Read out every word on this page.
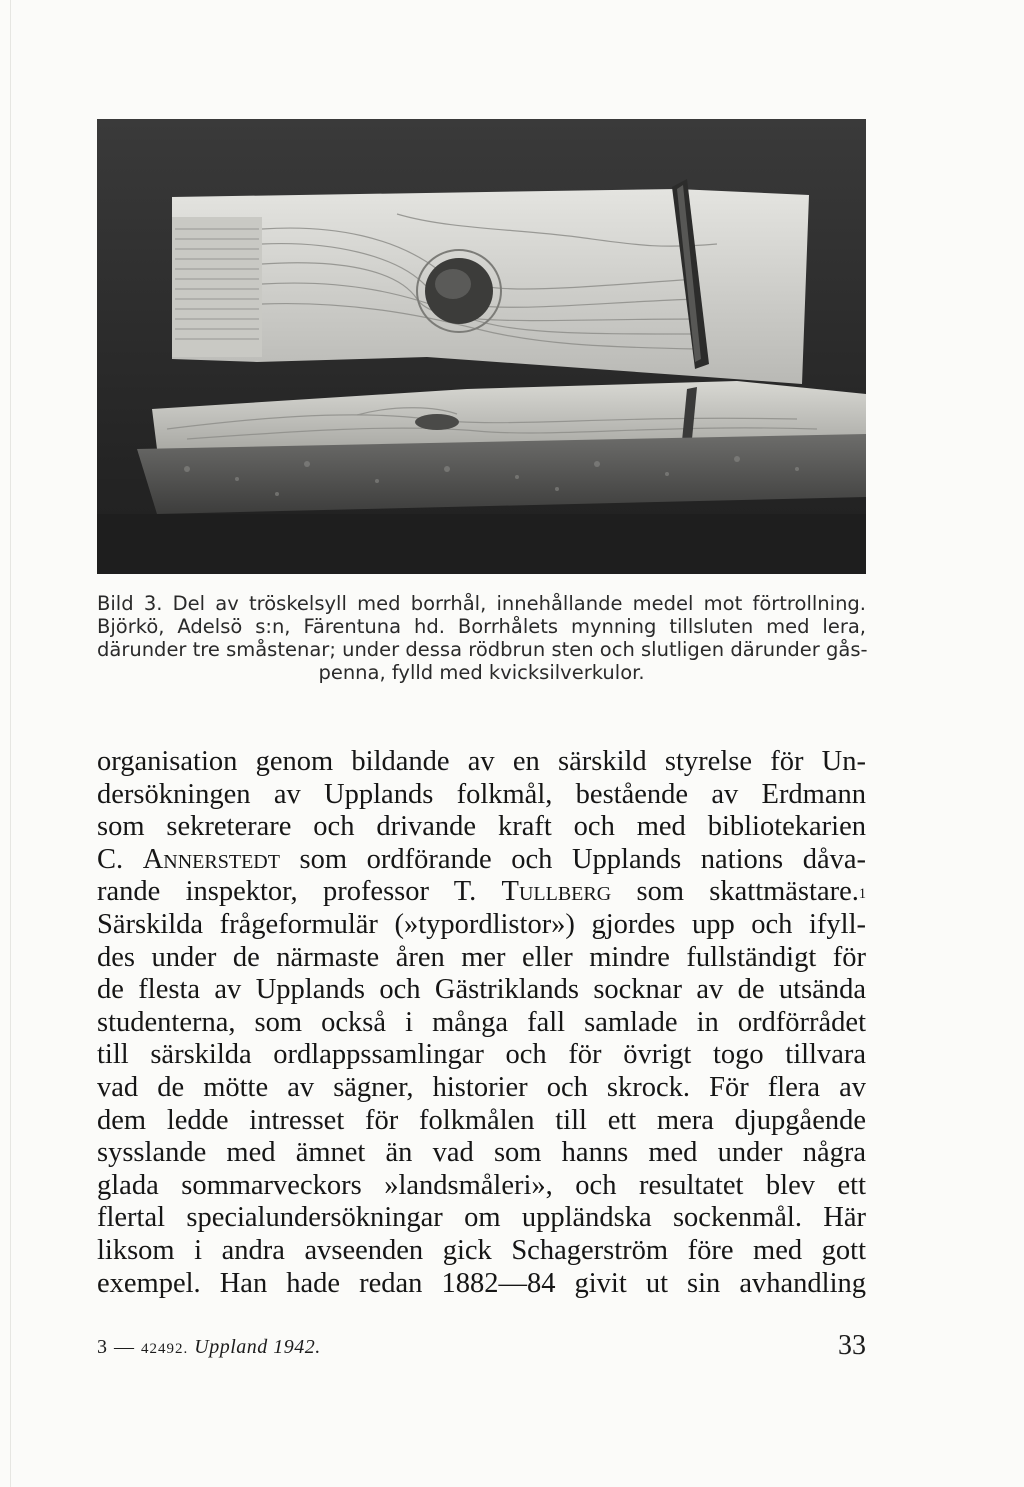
Bild 3. Del av tröskelsyll med borrhål, innehållande medel mot förtrollning.
Björkö, Adelsö s:n, Färentuna hd. Borrhålets mynning tillsluten med lera,
därunder tre småstenar; under dessa rödbrun sten och slutligen därunder gås-
penna, fylld med kvicksilverkulor.
organisation genom bildande av en särskild styrelse för Un-
dersökningen av Upplands folkmål, bestående av Erdmann
som sekreterare och drivande kraft och med bibliotekarien
C. Annerstedt som ordförande och Upplands nations dåva-
rande inspektor, professor T. Tullberg som skattmästare.$^1$
Särskilda frågeformulär (»typordlistor») gjordes upp och ifyll-
des under de närmaste åren mer eller mindre fullständigt för
de flesta av Upplands och Gästriklands socknar av de utsända
studenterna, som också i många fall samlade in ordförrådet
till särskilda ordlappssamlingar och för övrigt togo tillvara
vad de mötte av sägner, historier och skrock. För flera av
dem ledde intresset för folkmålen till ett mera djupgående
sysslande med ämnet än vad som hanns med under några
glada sommarveckors »landsmåleri», och resultatet blev ett
flertal specialundersökningar om uppländska sockenmål. Här
liksom i andra avseenden gick Schagerström före med gott
exempel. Han hade redan 1882—84 givit ut sin avhandling
3 — 42492. Uppland 1942.	33
